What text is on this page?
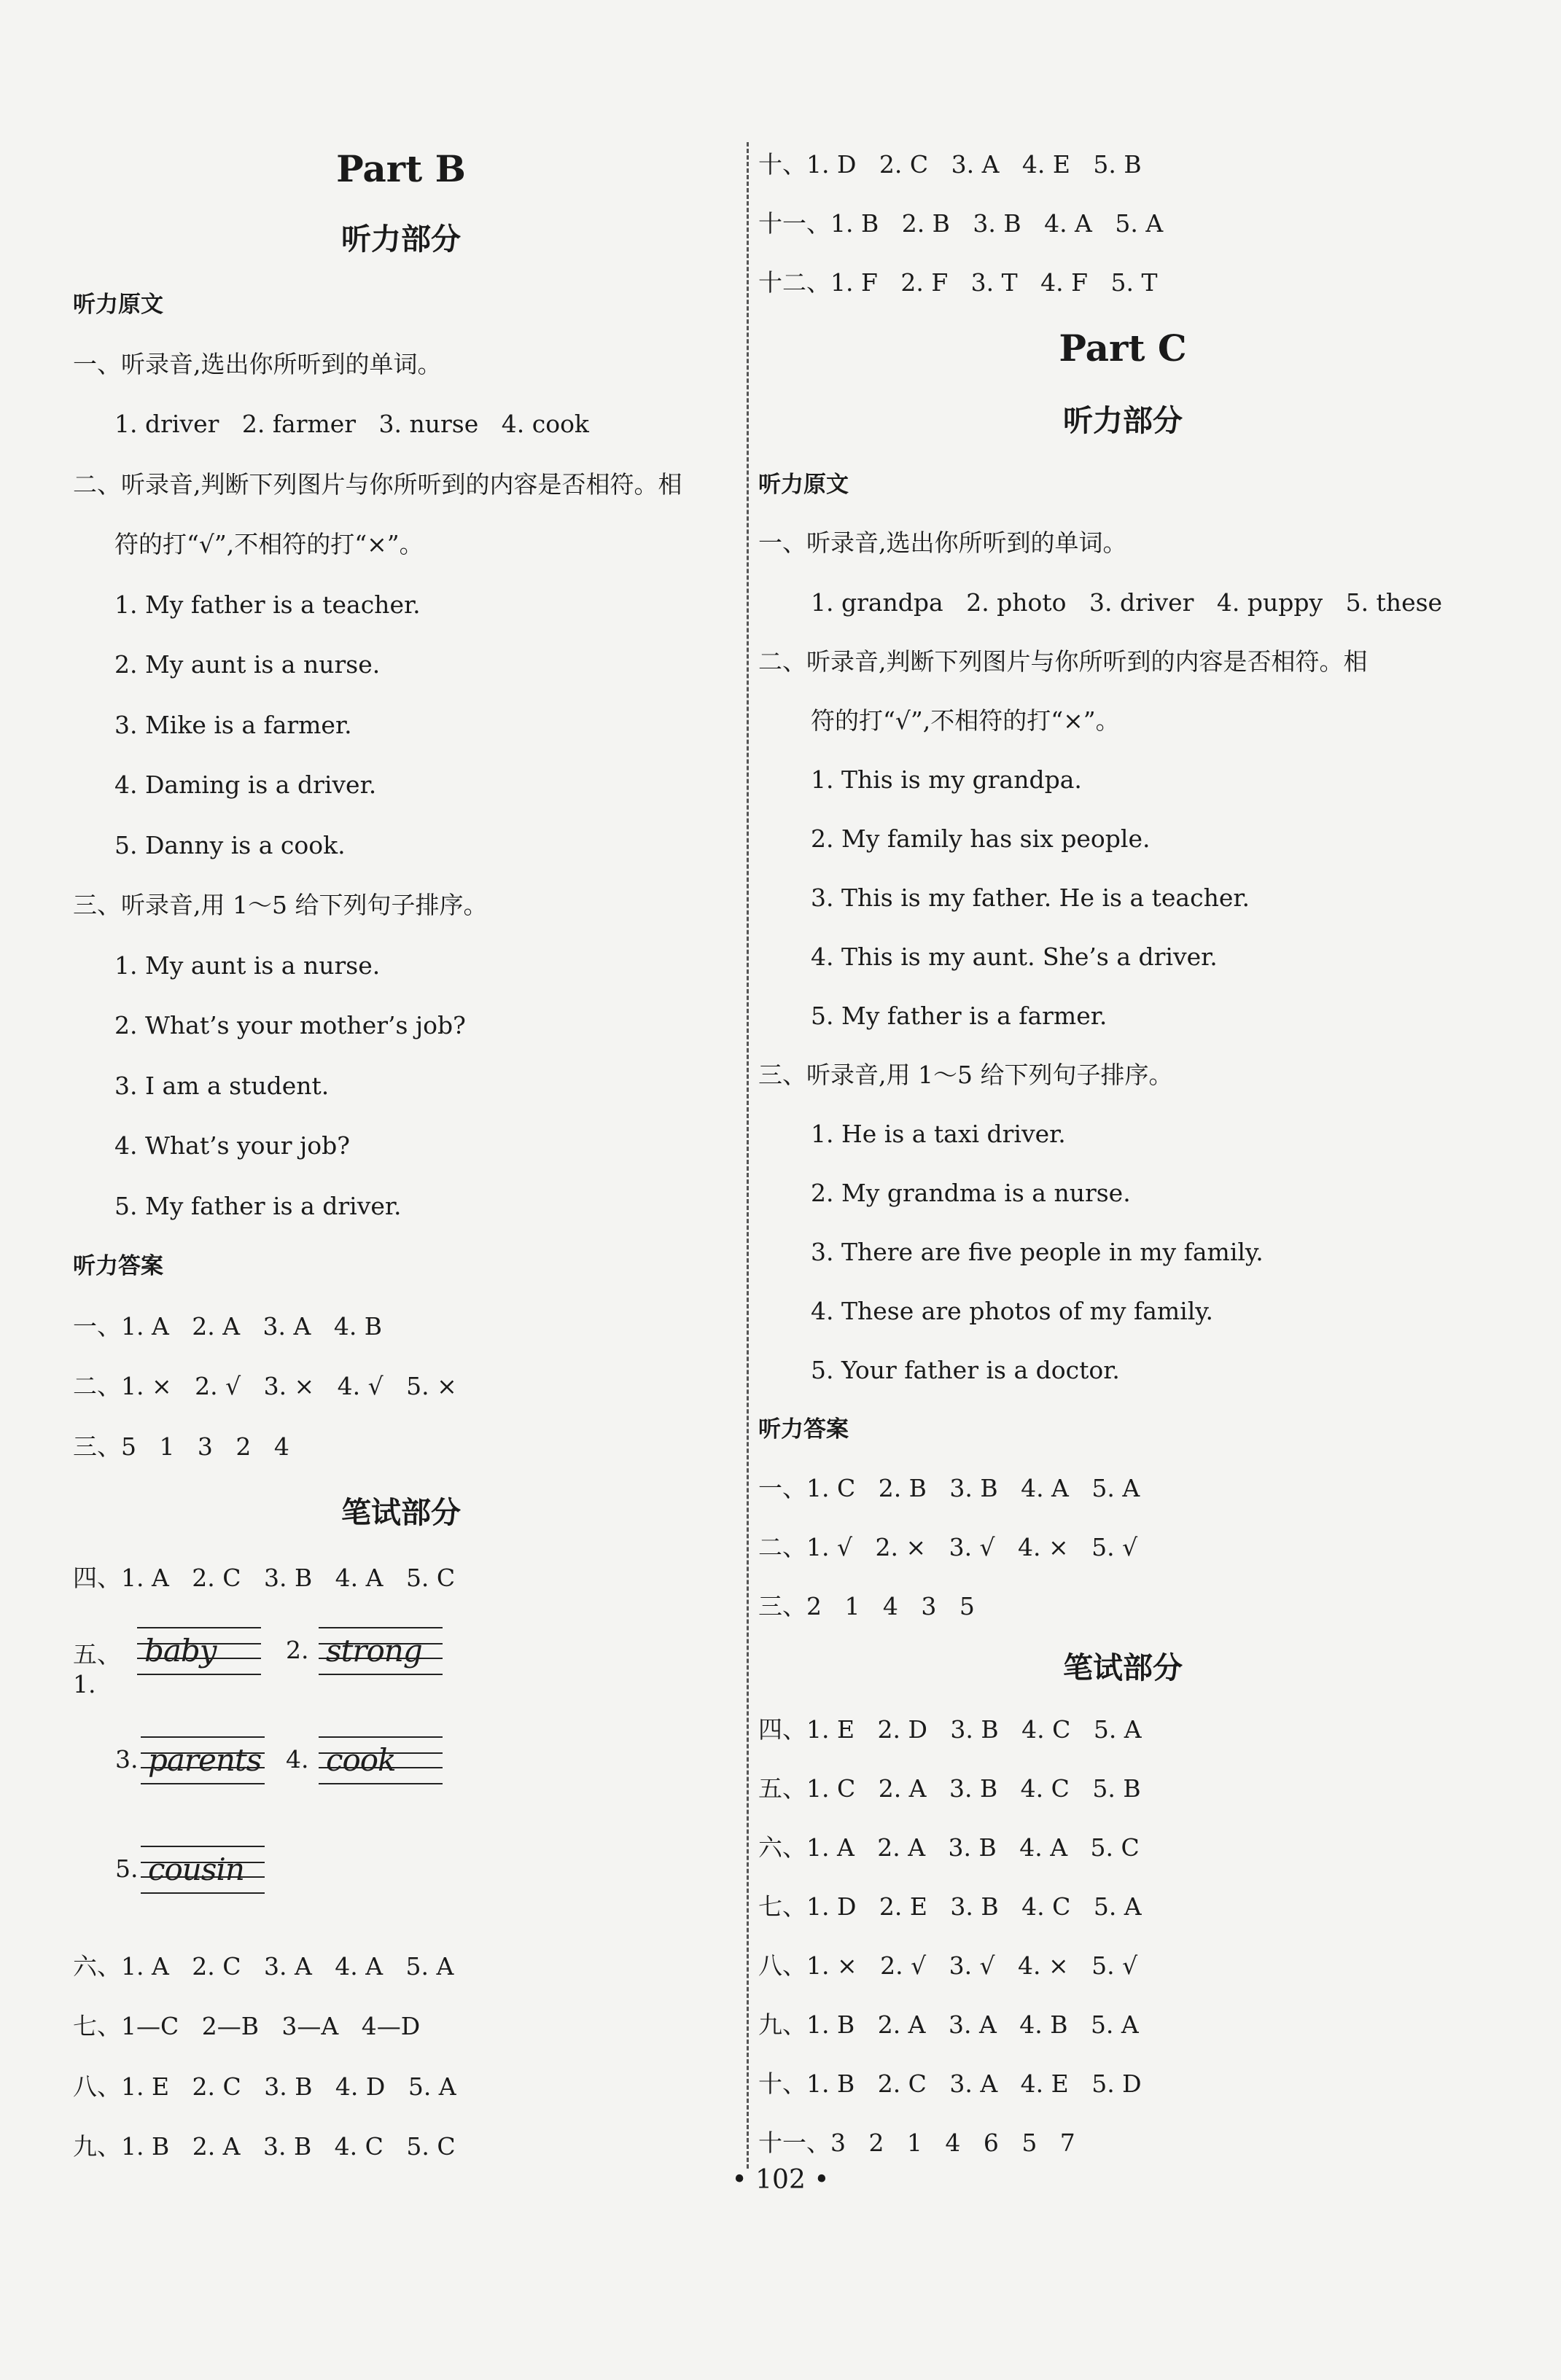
Part B
听力部分
听力原文
一、听录音,选出你所听到的单词。
1. driver   2. farmer   3. nurse   4. cook
二、听录音,判断下列图片与你所听到的内容是否相符。相
符的打“√”,不相符的打“×”。
1. My father is a teacher.
2. My aunt is a nurse.
3. Mike is a farmer.
4. Daming is a driver.
5. Danny is a cook.
三、听录音,用 1～5 给下列句子排序。
1. My aunt is a nurse.
2. What’s your mother’s job?
3. I am a student.
4. What’s your job?
5. My father is a driver.
听力答案
一、1. A   2. A   3. A   4. B
二、1. ×   2. √   3. ×   4. √   5. ×
三、5   1   3   2   4
笔试部分
四、1. A   2. C   3. B   4. A   5. C
五、1.
baby	2. strong
3. parents 4. cook
5. cousin
六、1. A   2. C   3. A   4. A   5. A
七、1—C   2—B   3—A   4—D
八、1. E   2. C   3. B   4. D   5. A
九、1. B   2. A   3. B   4. C   5. C
十、1. D   2. C   3. A   4. E   5. B
十一、1. B   2. B   3. B   4. A   5. A
十二、1. F   2. F   3. T   4. F   5. T
Part C
听力部分
听力原文
一、听录音,选出你所听到的单词。
1. grandpa   2. photo   3. driver   4. puppy   5. these
二、听录音,判断下列图片与你所听到的内容是否相符。相
符的打“√”,不相符的打“×”。
1. This is my grandpa.
2. My family has six people.
3. This is my father. He is a teacher.
4. This is my aunt. She’s a driver.
5. My father is a farmer.
三、听录音,用 1～5 给下列句子排序。
1. He is a taxi driver.
2. My grandma is a nurse.
3. There are five people in my family.
4. These are photos of my family.
5. Your father is a doctor.
听力答案
一、1. C   2. B   3. B   4. A   5. A
二、1. √   2. ×   3. √   4. ×   5. √
三、2   1   4   3   5
笔试部分
四、1. E   2. D   3. B   4. C   5. A
五、1. C   2. A   3. B   4. C   5. B
六、1. A   2. A   3. B   4. A   5. C
七、1. D   2. E   3. B   4. C   5. A
八、1. ×   2. √   3. √   4. ×   5. √
九、1. B   2. A   3. A   4. B   5. A
十、1. B   2. C   3. A   4. E   5. D
十一、3   2   1   4   6   5   7
• 102 •
